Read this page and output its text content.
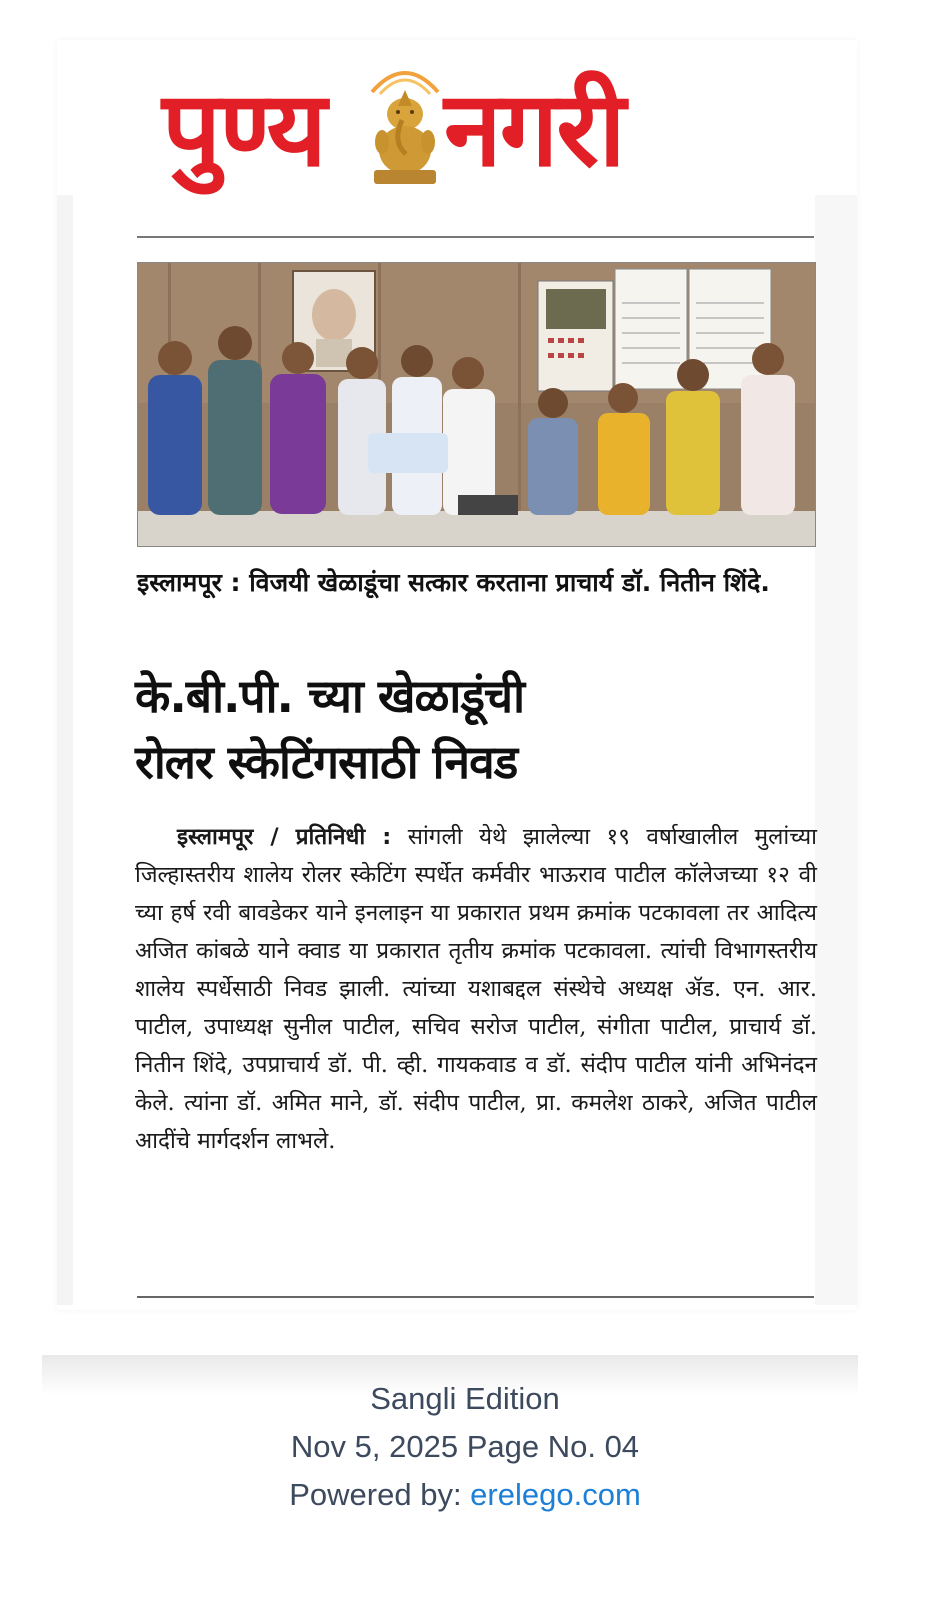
पुण्य नगरी
इस्लामपूर : विजयी खेळाडूंचा सत्कार करताना प्राचार्य डॉ. नितीन शिंदे.
के.बी.पी. च्या खेळाडूंची
रोलर स्केटिंगसाठी निवड
इस्लामपूर / प्रतिनिधी : सांगली येथे झालेल्या १९ वर्षाखालील मुलांच्या जिल्हास्तरीय शालेय रोलर स्केटिंग स्पर्धेत कर्मवीर भाऊराव पाटील कॉलेजच्या १२ वी च्या हर्ष रवी बावडेकर याने इनलाइन या प्रकारात प्रथम क्रमांक पटकावला तर आदित्य अजित कांबळे याने क्वाड या प्रकारात तृतीय क्रमांक पटकावला. त्यांची विभागस्तरीय शालेय स्पर्धेसाठी निवड झाली. त्यांच्या यशाबद्दल संस्थेचे अध्यक्ष ॲड. एन. आर. पाटील, उपाध्यक्ष सुनील पाटील, सचिव सरोज पाटील, संगीता पाटील, प्राचार्य डॉ. नितीन शिंदे, उपप्राचार्य डॉ. पी. व्ही. गायकवाड व डॉ. संदीप पाटील यांनी अभिनंदन केले. त्यांना डॉ. अमित माने, डॉ. संदीप पाटील, प्रा. कमलेश ठाकरे, अजित पाटील आदींचे मार्गदर्शन लाभले.
Sangli Edition
Nov 5, 2025 Page No. 04
Powered by: erelego.com
